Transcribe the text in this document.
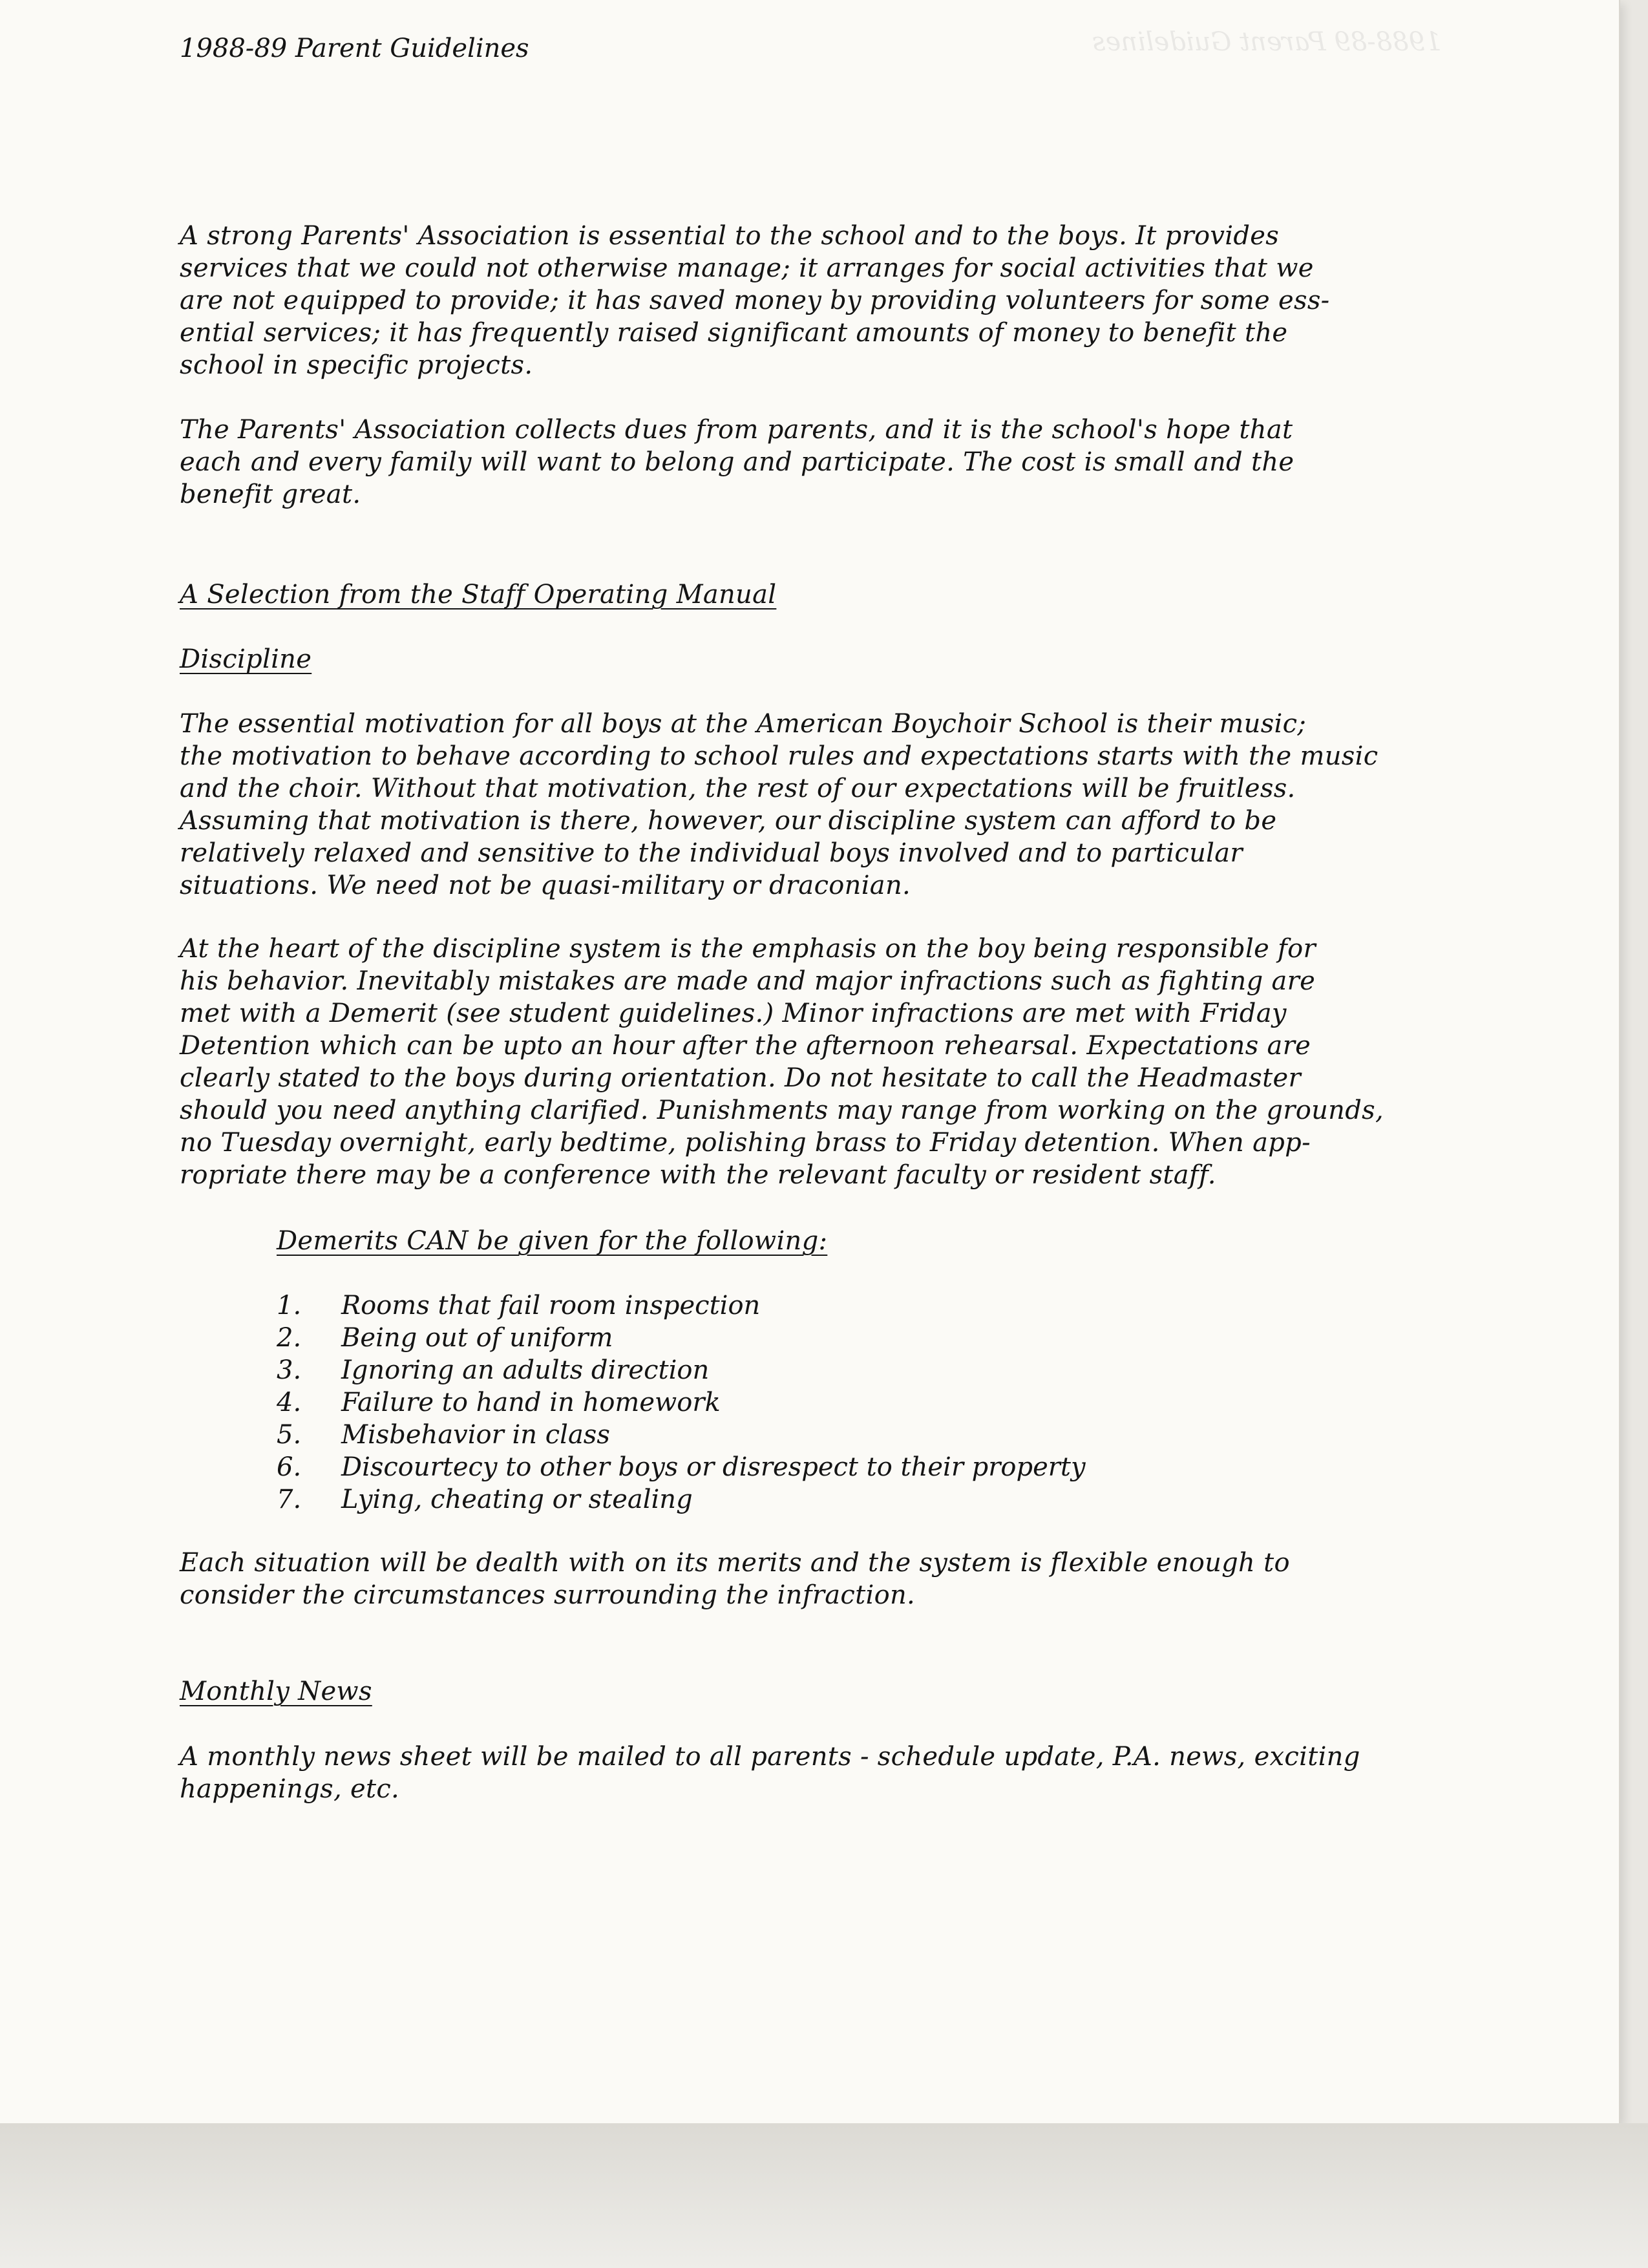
1988-89 Parent Guidelines
1988-89 Parent Guidelines
A strong Parents' Association is essential to the school and to the boys. It provides
services that we could not otherwise manage; it arranges for social activities that we
are not equipped to provide; it has saved money by providing volunteers for some ess-
ential services; it has frequently raised significant amounts of money to benefit the
school in specific projects.
The Parents' Association collects dues from parents, and it is the school's hope that
each and every family will want to belong and participate. The cost is small and the
benefit great.
A Selection from the Staff Operating Manual
Discipline
The essential motivation for all boys at the American Boychoir School is their music;
the motivation to behave according to school rules and expectations starts with the music
and the choir. Without that motivation, the rest of our expectations will be fruitless.
Assuming that motivation is there, however, our discipline system can afford to be
relatively relaxed and sensitive to the individual boys involved and to particular
situations. We need not be quasi-military or draconian.
At the heart of the discipline system is the emphasis on the boy being responsible for
his behavior. Inevitably mistakes are made and major infractions such as fighting are
met with a Demerit (see student guidelines.) Minor infractions are met with Friday
Detention which can be upto an hour after the afternoon rehearsal. Expectations are
clearly stated to the boys during orientation. Do not hesitate to call the Headmaster
should you need anything clarified. Punishments may range from working on the grounds,
no Tuesday overnight, early bedtime, polishing brass to Friday detention. When app-
ropriate there may be a conference with the relevant faculty or resident staff.
Demerits CAN be given for the following:
1.	Rooms that fail room inspection
2.	Being out of uniform
3.	Ignoring an adults direction
4.	Failure to hand in homework
5.	Misbehavior in class
6.	Discourtecy to other boys or disrespect to their property
7.	Lying, cheating or stealing
Each situation will be dealth with on its merits and the system is flexible enough to
consider the circumstances surrounding the infraction.
Monthly News
A monthly news sheet will be mailed to all parents - schedule update, P.A. news, exciting
happenings, etc.
